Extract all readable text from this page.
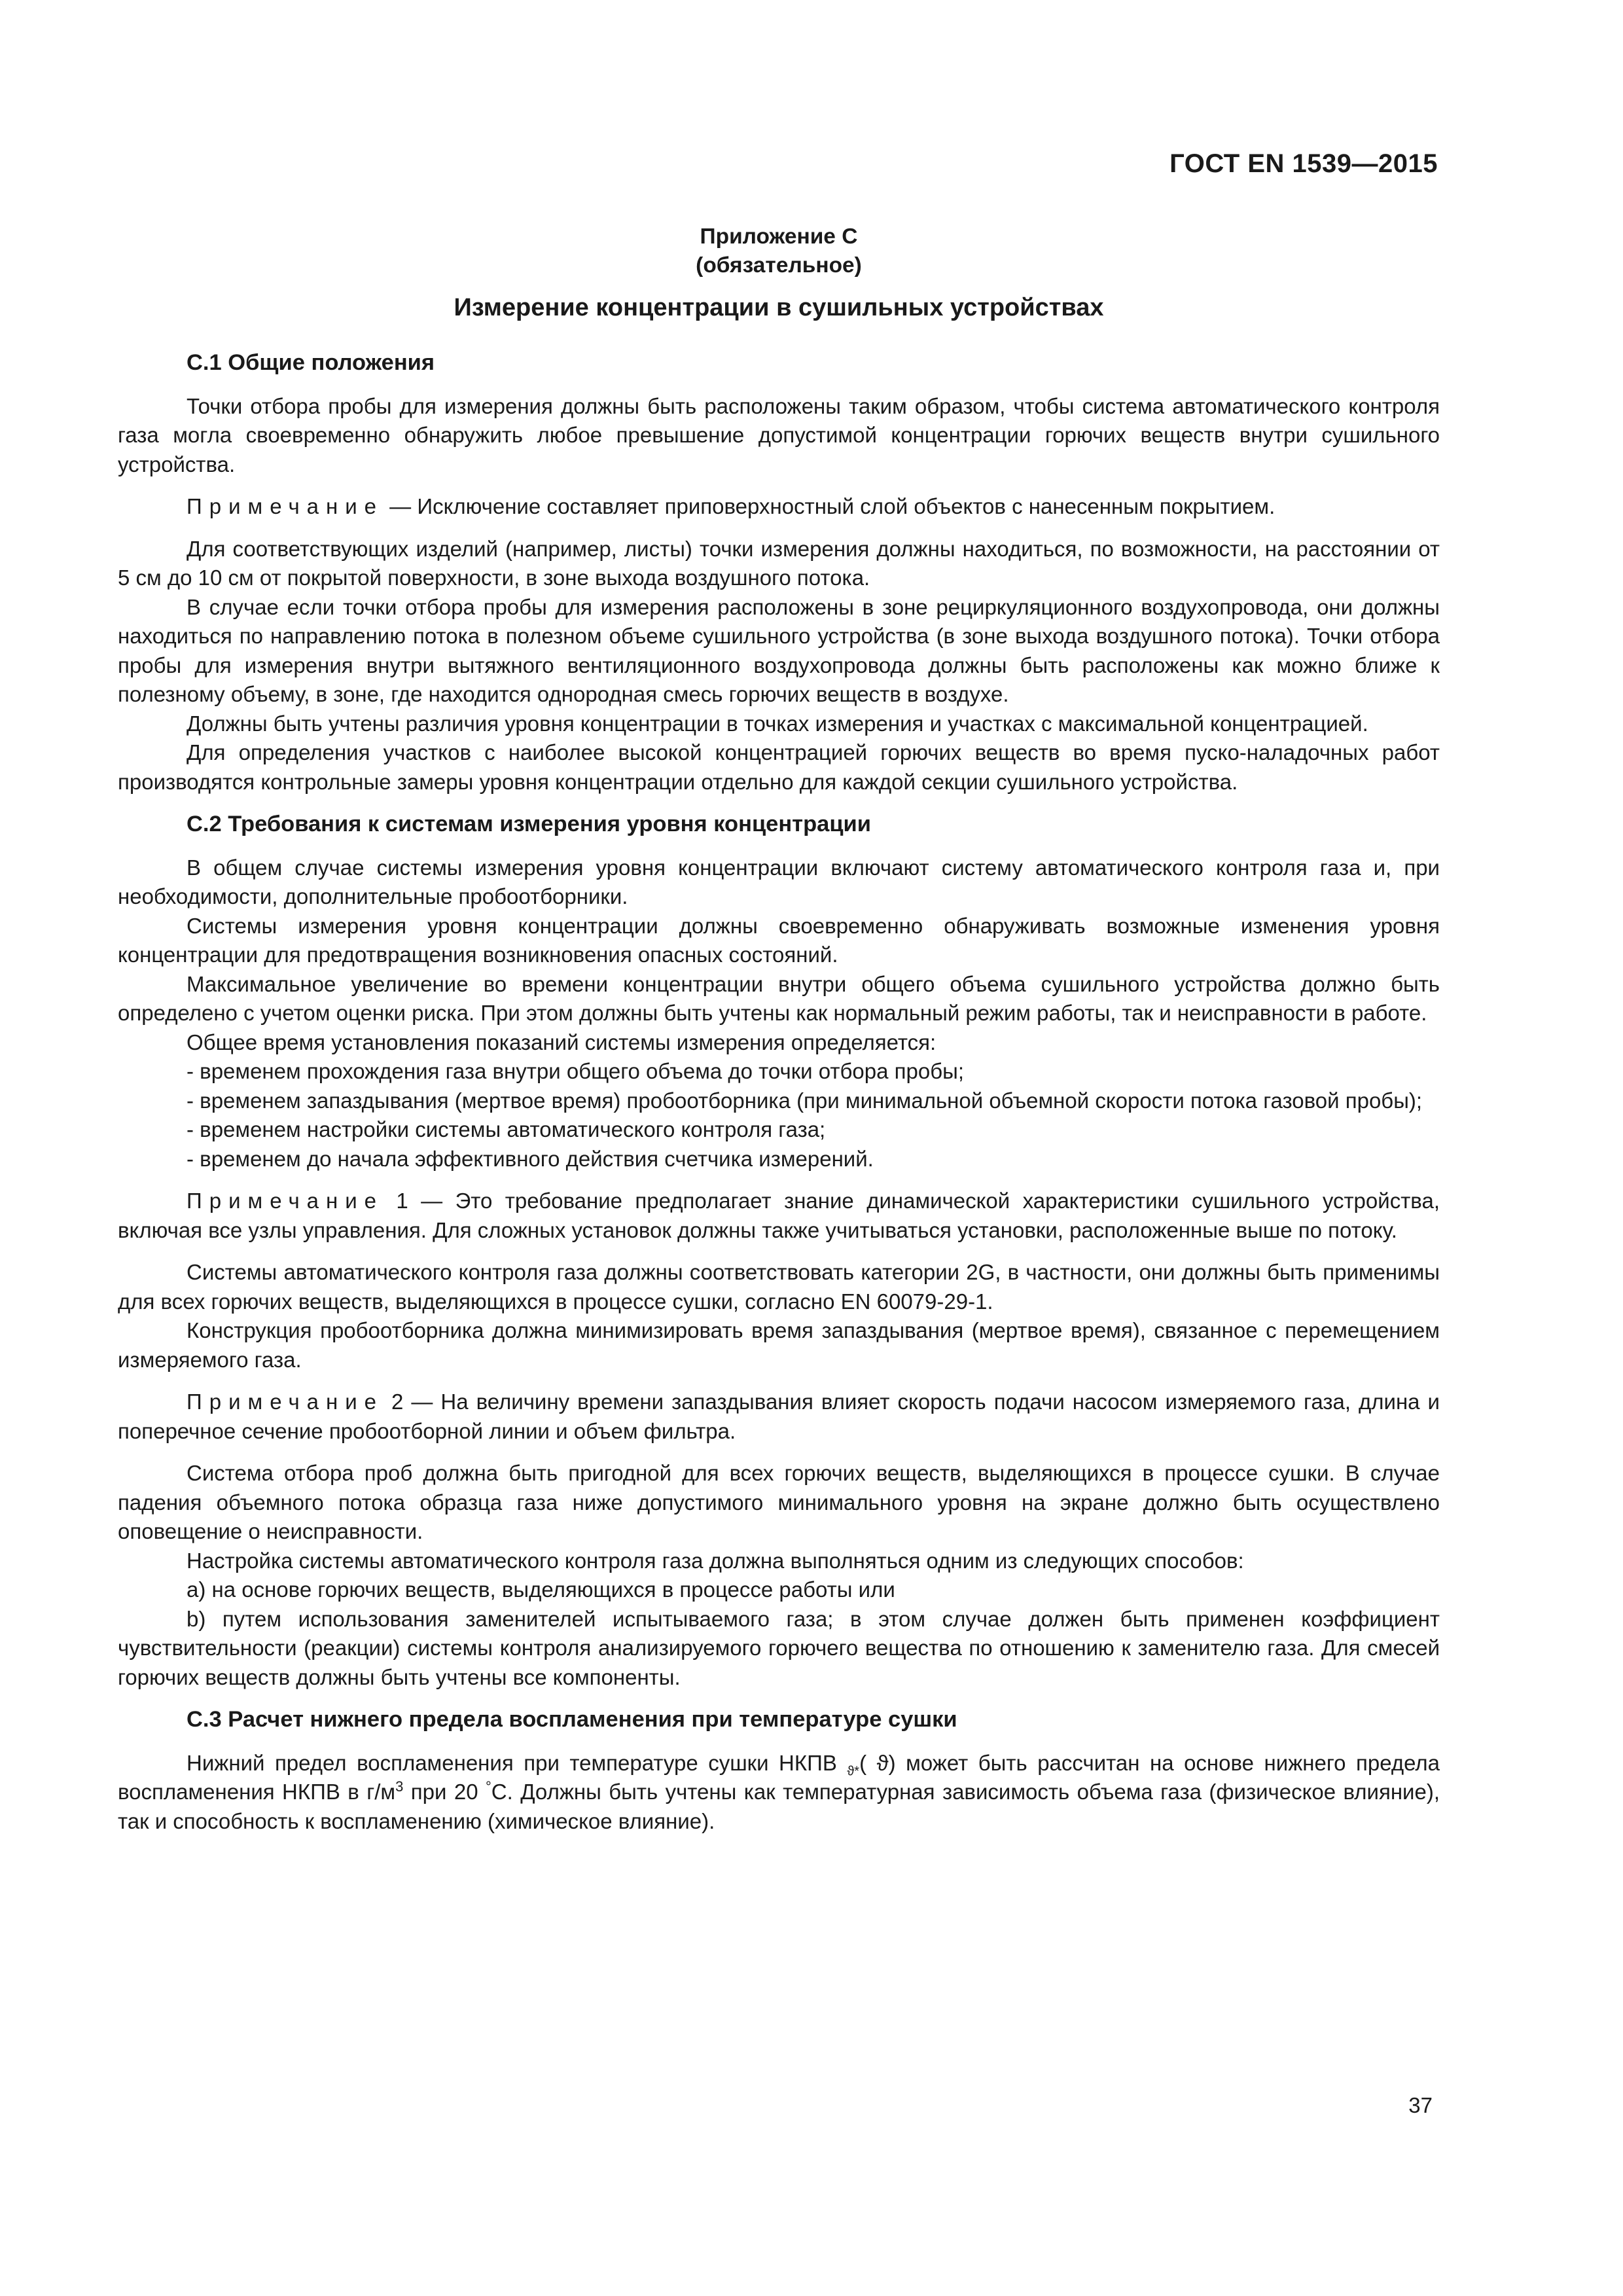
ГОСТ EN 1539—2015
Приложение С
(обязательное)
Измерение концентрации в сушильных устройствах
С.1 Общие положения

Точки отбора пробы для измерения должны быть расположены таким образом, чтобы система автоматического контроля газа могла своевременно обнаружить любое превышение допустимой концентрации горючих веществ внутри сушильного устройства.

Примечание — Исключение составляет приповерхностный слой объектов с нанесенным покрытием.

Для соответствующих изделий (например, листы) точки измерения должны находиться, по возможности, на расстоянии от 5 см до 10 см от покрытой поверхности, в зоне выхода воздушного потока.

В случае если точки отбора пробы для измерения расположены в зоне рециркуляционного воздухопровода, они должны находиться по направлению потока в полезном объеме сушильного устройства (в зоне выхода воздушного потока). Точки отбора пробы для измерения внутри вытяжного вентиляционного воздухопровода должны быть расположены как можно ближе к полезному объему, в зоне, где находится однородная смесь горючих веществ в воздухе.

Должны быть учтены различия уровня концентрации в точках измерения и участках с максимальной концентрацией.

Для определения участков с наиболее высокой концентрацией горючих веществ во время пуско-наладочных работ производятся контрольные замеры уровня концентрации отдельно для каждой секции сушильного устройства.

С.2 Требования к системам измерения уровня концентрации

В общем случае системы измерения уровня концентрации включают систему автоматического контроля газа и, при необходимости, дополнительные пробоотборники.

Системы измерения уровня концентрации должны своевременно обнаруживать возможные изменения уровня концентрации для предотвращения возникновения опасных состояний.

Максимальное увеличение во времени концентрации внутри общего объема сушильного устройства должно быть определено с учетом оценки риска. При этом должны быть учтены как нормальный режим работы, так и неисправности в работе.

Общее время установления показаний системы измерения определяется:

- временем прохождения газа внутри общего объема до точки отбора пробы;

- временем запаздывания (мертвое время) пробоотборника (при минимальной объемной скорости потока газовой пробы);

- временем настройки системы автоматического контроля газа;

- временем до начала эффективного действия счетчика измерений.

Примечание 1 — Это требование предполагает знание динамической характеристики сушильного устройства, включая все узлы управления. Для сложных установок должны также учитываться установки, расположенные выше по потоку.

Системы автоматического контроля газа должны соответствовать категории 2G, в частности, они должны быть применимы для всех горючих веществ, выделяющихся в процессе сушки, согласно EN 60079-29-1.

Конструкция пробоотборника должна минимизировать время запаздывания (мертвое время), связанное с перемещением измеряемого газа.

Примечание 2 — На величину времени запаздывания влияет скорость подачи насосом измеряемого газа, длина и поперечное сечение пробоотборной линии и объем фильтра.

Система отбора проб должна быть пригодной для всех горючих веществ, выделяющихся в процессе сушки. В случае падения объемного потока образца газа ниже допустимого минимального уровня на экране должно быть осуществлено оповещение о неисправности.

Настройка системы автоматического контроля газа должна выполняться одним из следующих способов:

a) на основе горючих веществ, выделяющихся в процессе работы или

b) путем использования заменителей испытываемого газа; в этом случае должен быть применен коэффициент чувствительности (реакции) системы контроля анализируемого горючего вещества по отношению к заменителю газа. Для смесей горючих веществ должны быть учтены все компоненты.

С.3 Расчет нижнего предела воспламенения при температуре сушки

Нижний предел воспламенения при температуре сушки НКПВ $_{ϑ*}$( ϑ) может быть рассчитан на основе нижнего предела воспламенения НКПВ в $г/м^3$ при 20 °С. Должны быть учтены как температурная зависимость объема газа (физическое влияние), так и способность к воспламенению (химическое влияние).

37
